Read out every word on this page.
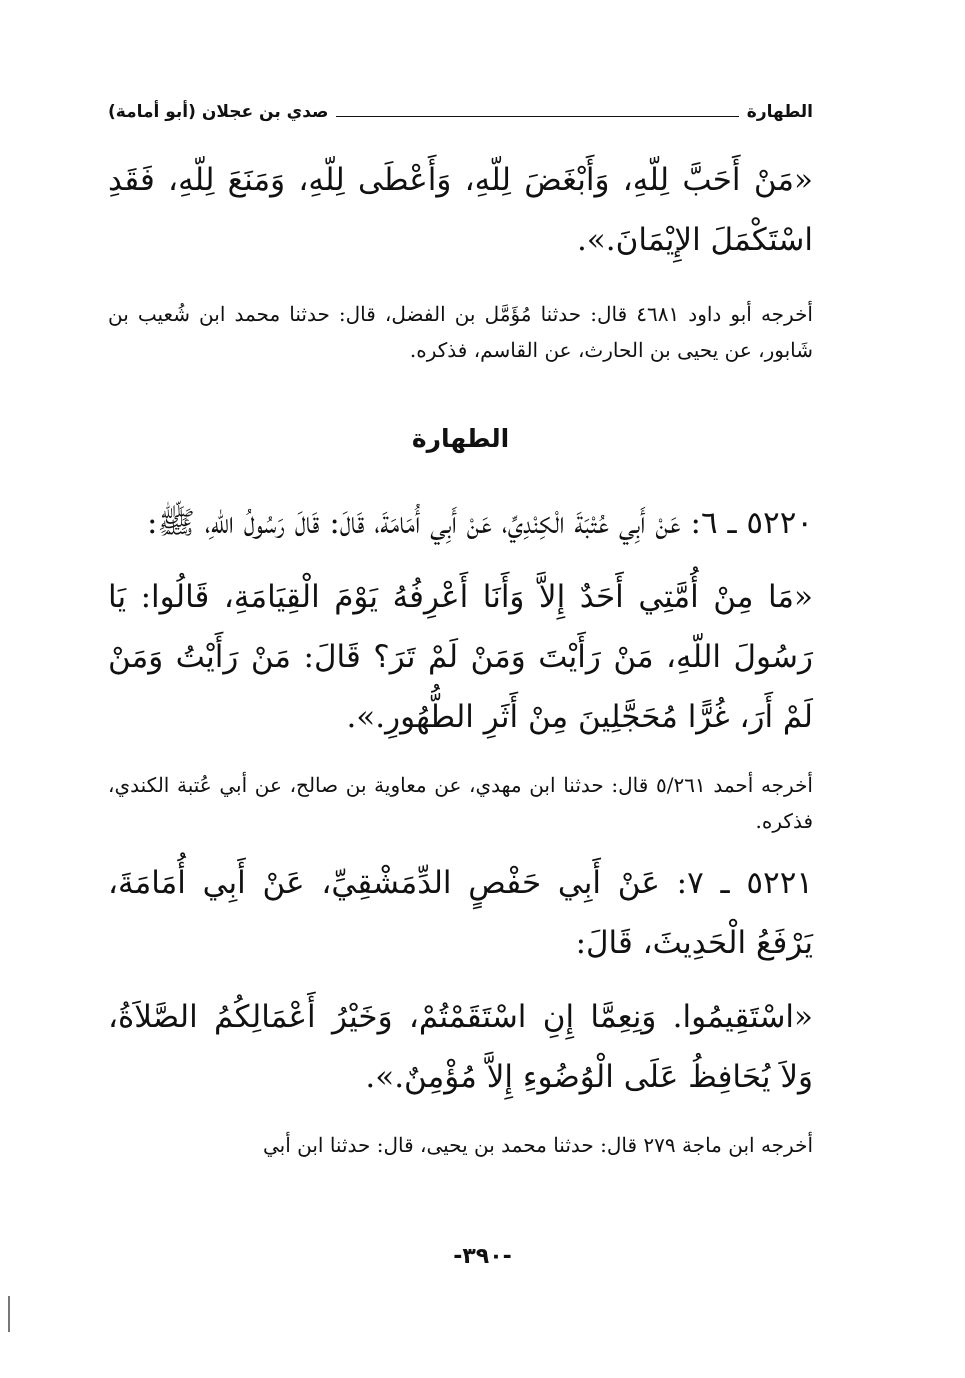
الطهارة
صدي بن عجلان (أبو أمامة)

«مَنْ أَحَبَّ لِلّهِ، وَأَبْغَضَ لِلّهِ، وَأَعْطَى لِلّهِ، وَمَنَعَ لِلّهِ، فَقَدِ اسْتَكْمَلَ الإِيْمَانَ.».

أخرجه أبو داود ٤٦٨١ قال: حدثنا مُؤَمَّل بن الفضل، قال: حدثنا محمد ابن شُعيب بن شَابور، عن يحيى بن الحارث، عن القاسم، فذكره.

الطهارة

٥٢٢٠ ـ ٦: عَنْ أَبِي عُتْبَةَ الْكِنْدِيِّ، عَنْ أَبِي أُمَامَةَ، قَالَ: قَالَ رَسُولُ اللّهِ، ﷺ:

«مَا مِنْ أُمَّتِي أَحَدٌ إِلاَّ وَأَنَا أَعْرِفُهُ يَوْمَ الْقِيَامَةِ، قَالُوا: يَا رَسُولَ اللّهِ، مَنْ رَأَيْتَ وَمَنْ لَمْ تَرَ؟ قَالَ: مَنْ رَأَيْتُ وَمَنْ لَمْ أَرَ، غُرًّا مُحَجَّلِينَ مِنْ أَثَرِ الطُّهُورِ.».

أخرجه أحمد ٥/٢٦١ قال: حدثنا ابن مهدي، عن معاوية بن صالح، عن أبي عُتبة الكندي، فذكره.

٥٢٢١ ـ ٧: عَنْ أَبِي حَفْصٍ الدِّمَشْقِيِّ، عَنْ أَبِي أُمَامَةَ، يَرْفَعُ الْحَدِيثَ، قَالَ:

«اسْتَقِيمُوا. وَنِعِمَّا إِنِ اسْتَقَمْتُمْ، وَخَيْرُ أَعْمَالِكُمُ الصَّلاَةُ، وَلاَ يُحَافِظُ عَلَى الْوُضُوءِ إِلاَّ مُؤْمِنٌ.».

أخرجه ابن ماجة ٢٧٩ قال: حدثنا محمد بن يحيى، قال: حدثنا ابن أبي

-٣٩٠-
